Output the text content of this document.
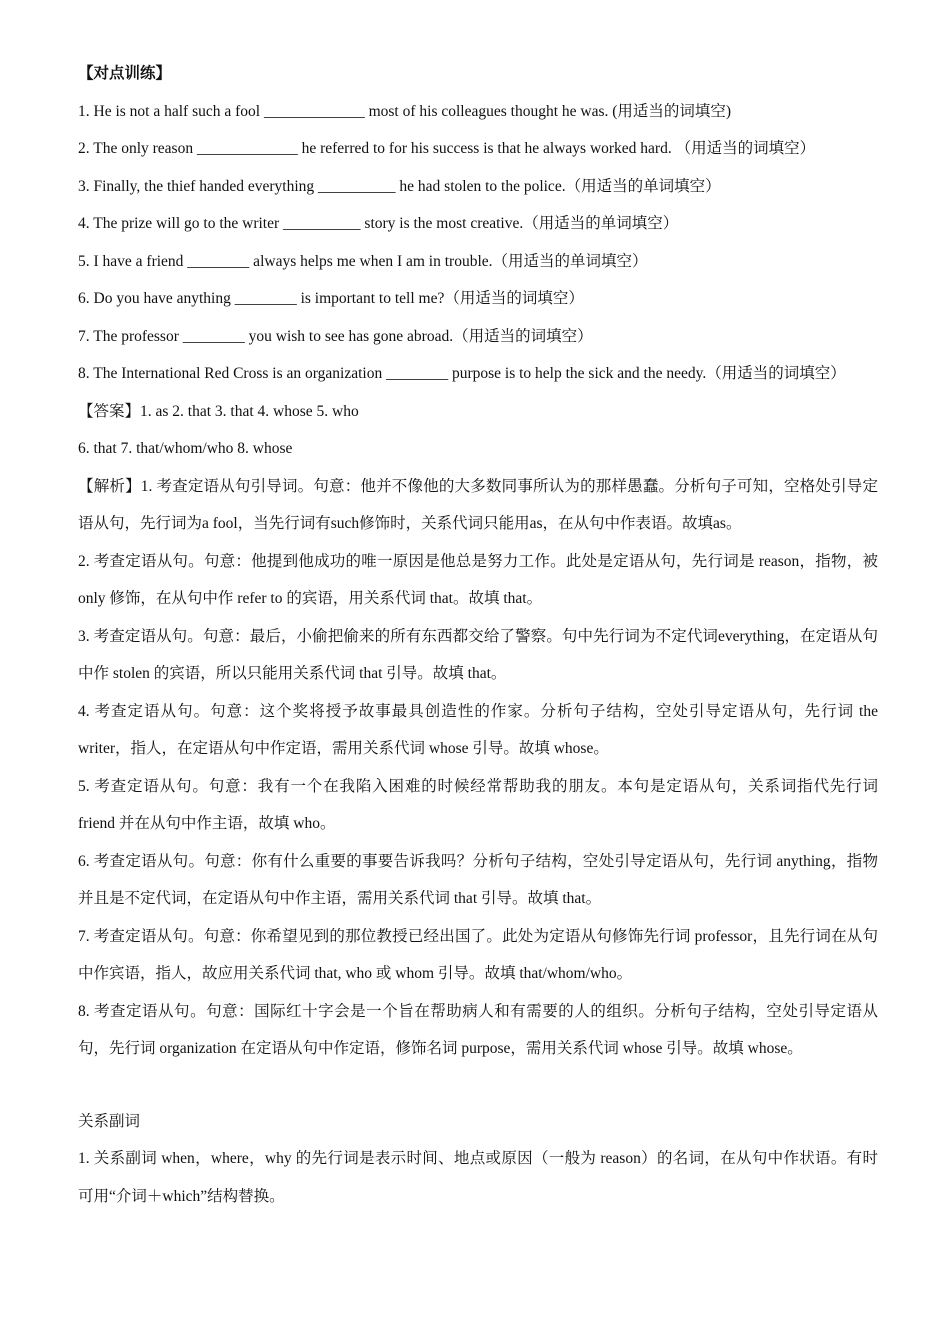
【对点训练】
1. He is not a half such a fool _____________ most of his colleagues thought he was. (用适当的词填空)
2. The only reason _____________ he referred to for his success is that he always worked hard. （用适当的词填空）
3. Finally, the thief handed everything __________ he had stolen to the police.（用适当的单词填空）
4. The prize will go to the writer __________ story is the most creative.（用适当的单词填空）
5. I have a friend ________ always helps me when I am in trouble.（用适当的单词填空）
6. Do you have anything ________ is important to tell me?（用适当的词填空）
7. The professor ________ you wish to see has gone abroad.（用适当的词填空）
8. The International Red Cross is an organization ________ purpose is to help the sick and the needy.（用适当的词填空）
【答案】1. as 2. that 3. that 4. whose 5. who
6. that 7. that/whom/who 8. whose
【解析】1. 考查定语从句引导词。句意：他并不像他的大多数同事所认为的那样愚蠢。分析句子可知，空格处引导定语从句，先行词为a fool，当先行词有such修饰时，关系代词只能用as，在从句中作表语。故填as。
2. 考查定语从句。句意：他提到他成功的唯一原因是他总是努力工作。此处是定语从句，先行词是 reason，指物，被 only 修饰，在从句中作 refer to 的宾语，用关系代词 that。故填 that。
3. 考查定语从句。句意：最后，小偷把偷来的所有东西都交给了警察。句中先行词为不定代词everything，在定语从句中作 stolen 的宾语，所以只能用关系代词 that 引导。故填 that。
4. 考查定语从句。句意：这个奖将授予故事最具创造性的作家。分析句子结构，空处引导定语从句，先行词 the writer，指人，在定语从句中作定语，需用关系代词 whose 引导。故填 whose。
5. 考查定语从句。句意：我有一个在我陷入困难的时候经常帮助我的朋友。本句是定语从句，关系词指代先行词 friend 并在从句中作主语，故填 who。
6. 考查定语从句。句意：你有什么重要的事要告诉我吗？分析句子结构，空处引导定语从句，先行词 anything，指物并且是不定代词，在定语从句中作主语，需用关系代词 that 引导。故填 that。
7. 考查定语从句。句意：你希望见到的那位教授已经出国了。此处为定语从句修饰先行词 professor，且先行词在从句中作宾语，指人，故应用关系代词 that, who 或 whom 引导。故填 that/whom/who。
8. 考查定语从句。句意：国际红十字会是一个旨在帮助病人和有需要的人的组织。分析句子结构，空处引导定语从句，先行词 organization 在定语从句中作定语，修饰名词 purpose，需用关系代词 whose 引导。故填 whose。
关系副词
1. 关系副词 when，where，why 的先行词是表示时间、地点或原因（一般为 reason）的名词，在从句中作状语。有时可用“介词＋which”结构替换。
